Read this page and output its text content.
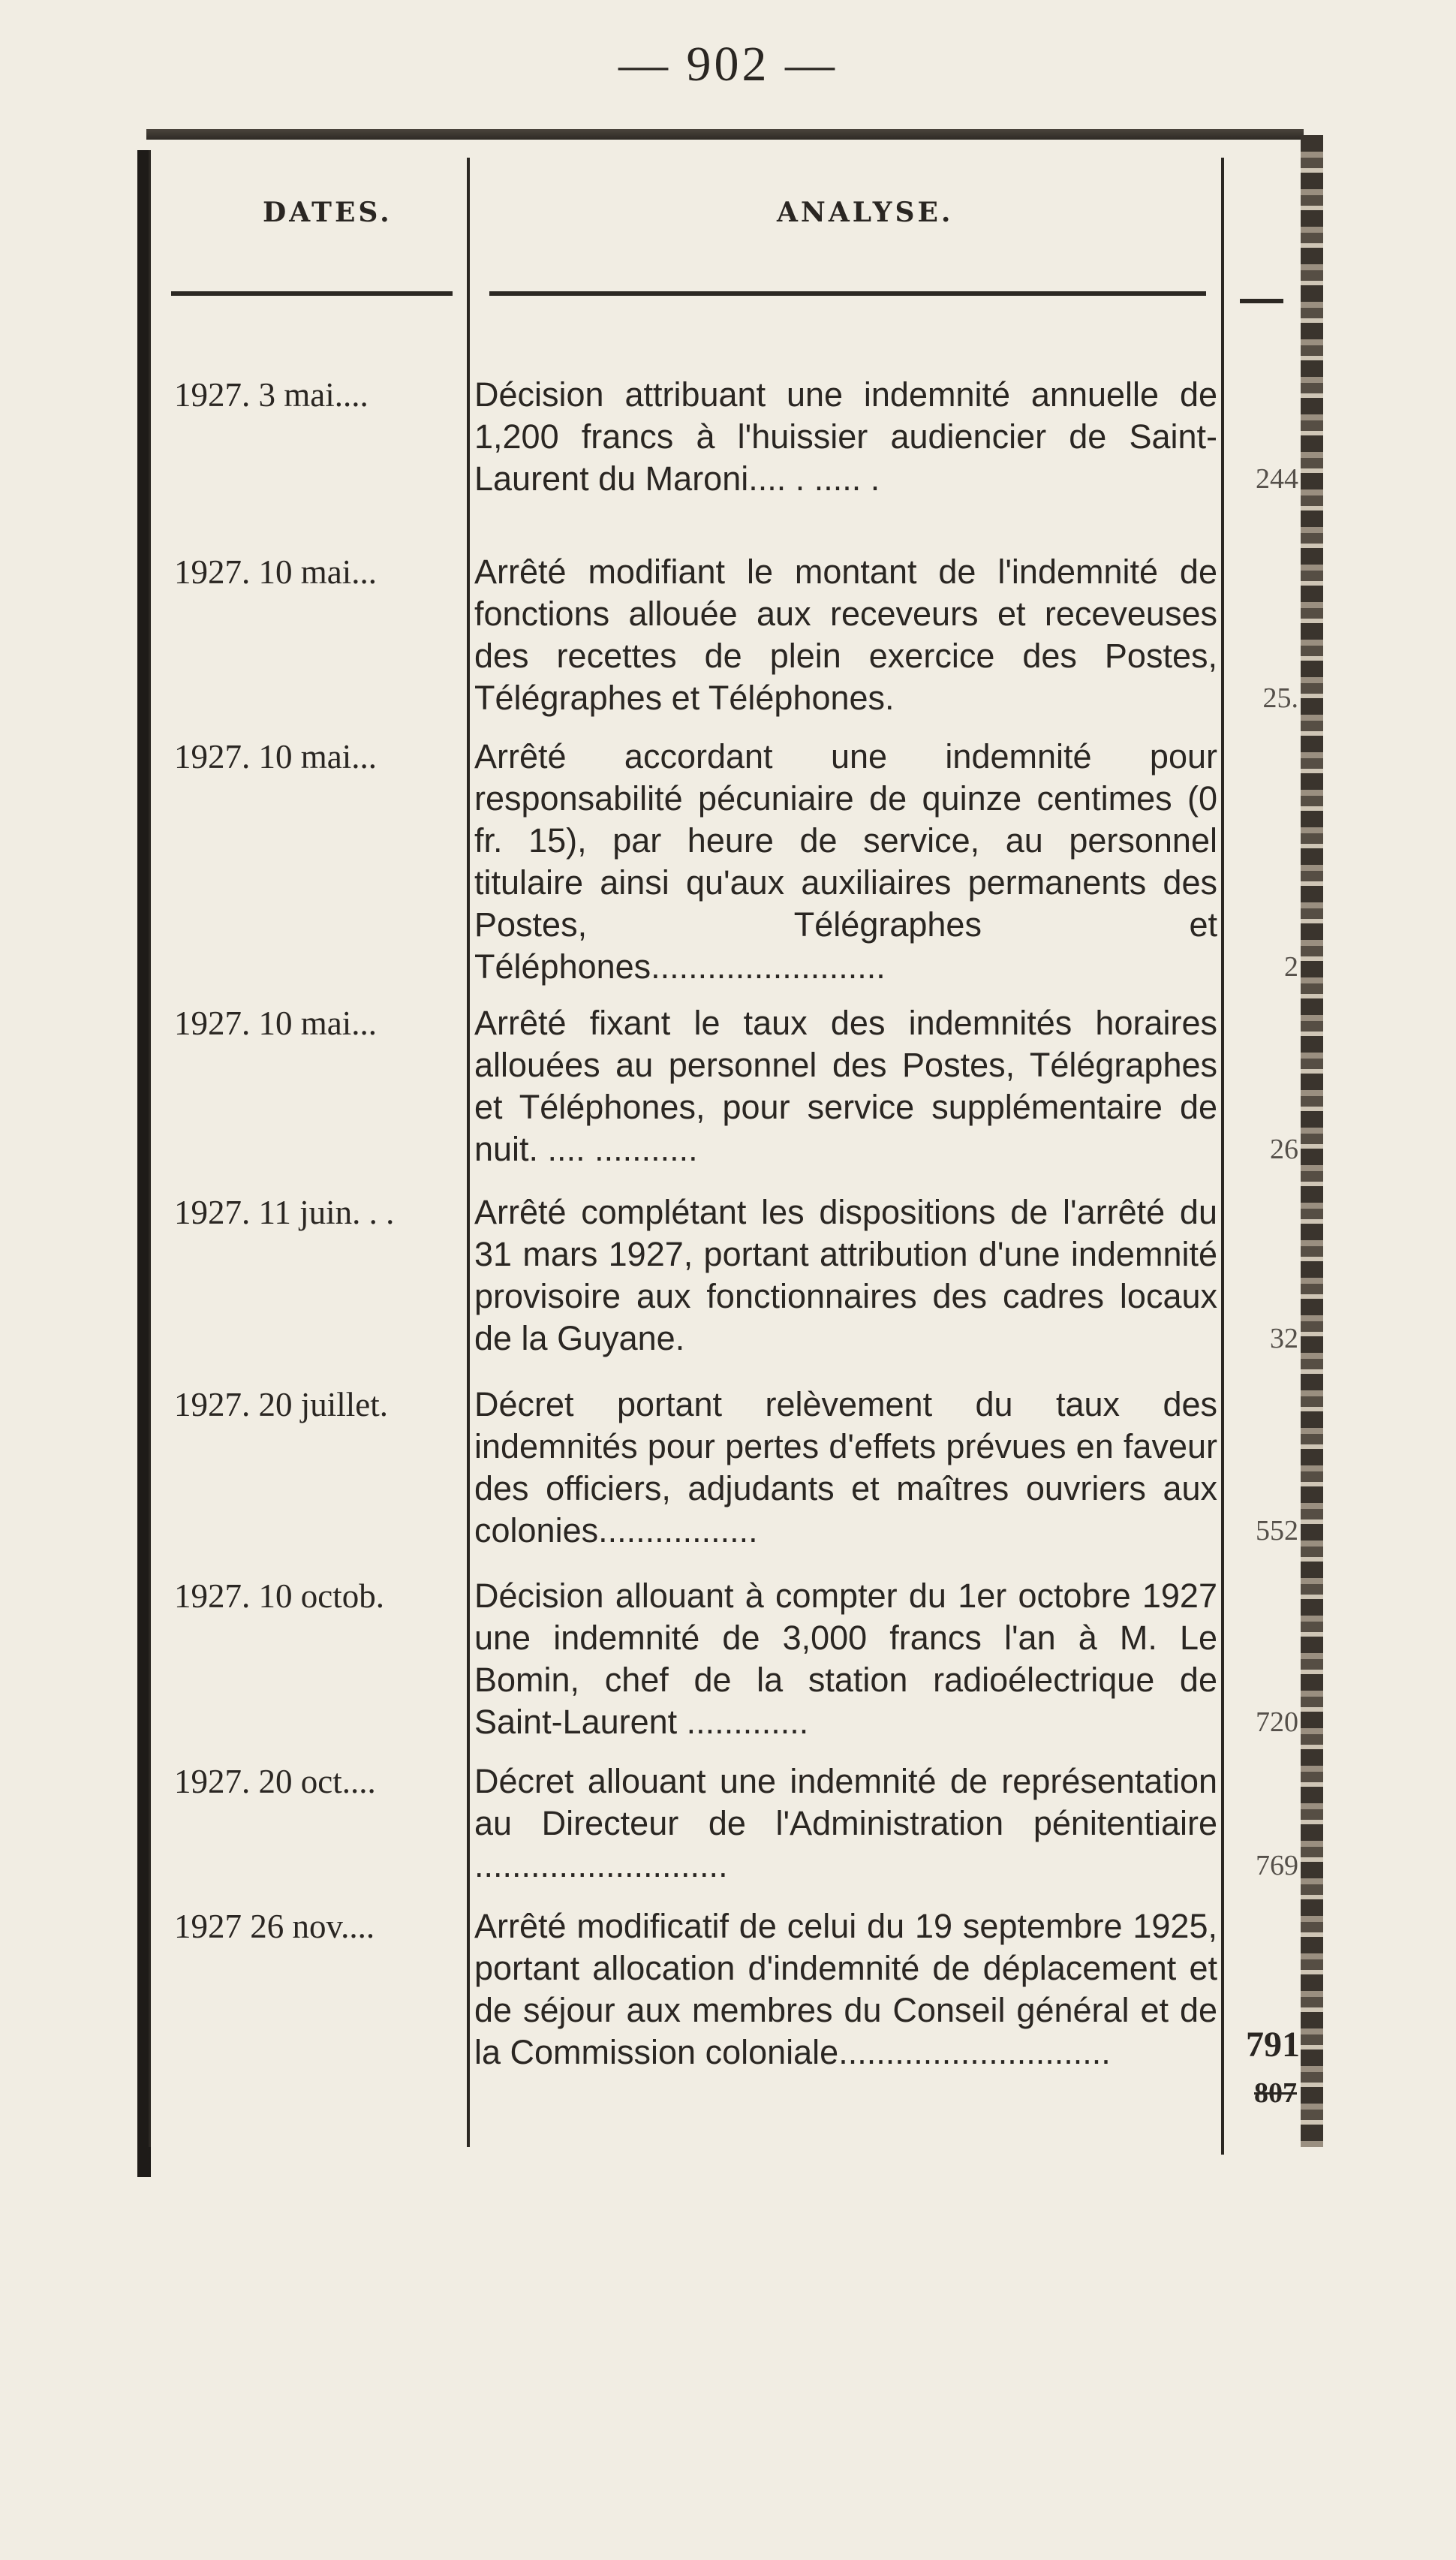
— 902 —
DATES.	ANALYSE.
1927. 3 mai....	Décision attribuant une indemnité annuelle de 1,200 francs à l'huissier audiencier de Saint-Laurent du Maroni.... . ..... .	244
1927. 10 mai...	Arrêté modifiant le montant de l'indemnité de fonctions allouée aux receveurs et receveuses des recettes de plein exercice des Postes, Télégraphes et Téléphones.	25.
1927. 10 mai...	Arrêté accordant une indemnité pour responsabilité pécuniaire de quinze centimes (0 fr. 15), par heure de service, au personnel titulaire ainsi qu'aux auxiliaires permanents des Postes, Télégraphes et Téléphones.........................	2
1927. 10 mai...	Arrêté fixant le taux des indemnités horaires allouées au personnel des Postes, Télégraphes et Téléphones, pour service supplémentaire de nuit. .... ...........	26
1927. 11 juin. . .	Arrêté complétant les dispositions de l'arrêté du 31 mars 1927, portant attribution d'une indemnité provisoire aux fonctionnaires des cadres locaux de la Guyane.	32
1927. 20 juillet.	Décret portant relèvement du taux des indemnités pour pertes d'effets prévues en faveur des officiers, adjudants et maîtres ouvriers aux colonies.................	552
1927. 10 octob.	Décision allouant à compter du 1er octobre 1927 une indemnité de 3,000 francs l'an à M. Le Bomin, chef de la station radioélectrique de Saint-Laurent .............	720
1927. 20 oct....	Décret allouant une indemnité de représentation au Directeur de l'Administration pénitentiaire ...........................	769
1927 26 nov....	Arrêté modificatif de celui du 19 septembre 1925, portant allocation d'indemnité de déplacement et de séjour aux membres du Conseil général et de la Commission coloniale.............................	791
807
